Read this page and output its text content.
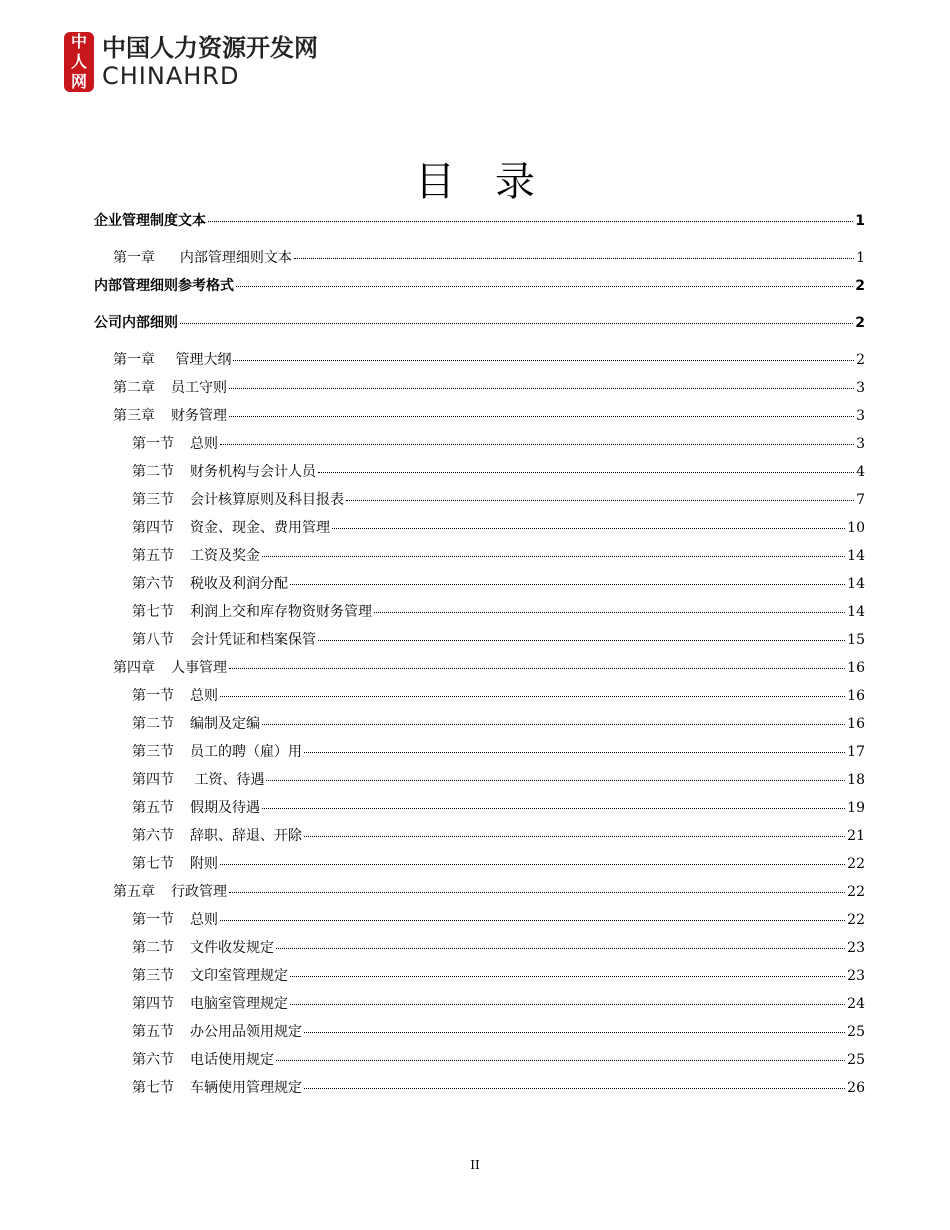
中
人
网
中国人力资源开发网
CHINAHRD
目录
企业管理制度文本	1
第一章 内部管理细则文本	1
内部管理细则参考格式	2
公司内部细则	2
第一章 管理大纲	2
第二章 员工守则	3
第三章 财务管理	3
第一节 总则	3
第二节 财务机构与会计人员	4
第三节 会计核算原则及科目报表	7
第四节 资金、现金、费用管理	10
第五节 工资及奖金	14
第六节 税收及利润分配	14
第七节 利润上交和库存物资财务管理	14
第八节 会计凭证和档案保管	15
第四章 人事管理	16
第一节 总则	16
第二节 编制及定编	16
第三节 员工的聘（雇）用	17
第四节 工资、待遇	18
第五节 假期及待遇	19
第六节 辞职、辞退、开除	21
第七节 附则	22
第五章 行政管理	22
第一节 总则	22
第二节 文件收发规定	23
第三节 文印室管理规定	23
第四节 电脑室管理规定	24
第五节 办公用品领用规定	25
第六节 电话使用规定	25
第七节 车辆使用管理规定	26
II
